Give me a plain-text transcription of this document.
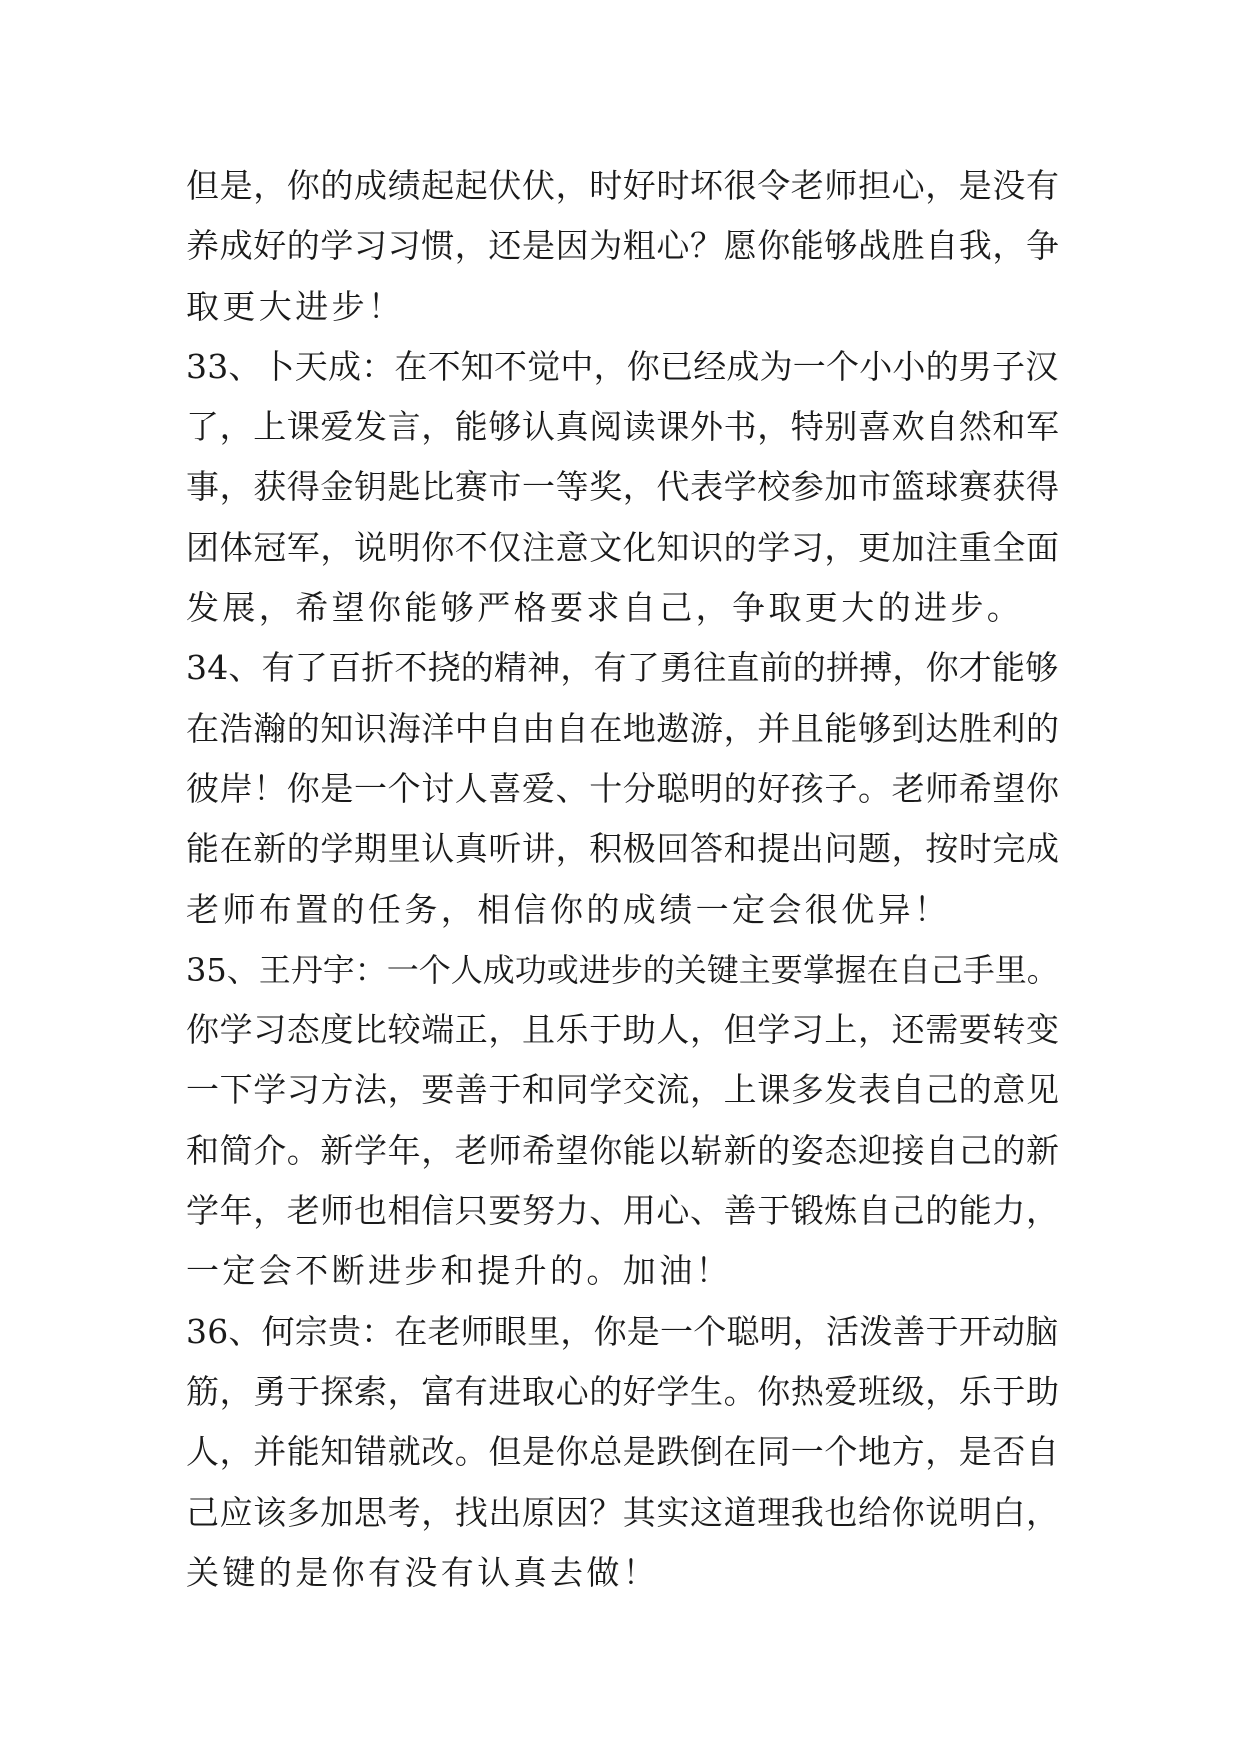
但是，你的成绩起起伏伏，时好时坏很令老师担心，是没有
养成好的学习习惯，还是因为粗心？愿你能够战胜自我，争
取更大进步！
33、卜天成：在不知不觉中，你已经成为一个小小的男子汉
了，上课爱发言，能够认真阅读课外书，特别喜欢自然和军
事，获得金钥匙比赛市一等奖，代表学校参加市篮球赛获得
团体冠军，说明你不仅注意文化知识的学习，更加注重全面
发展，希望你能够严格要求自己，争取更大的进步。
34、有了百折不挠的精神，有了勇往直前的拼搏，你才能够
在浩瀚的知识海洋中自由自在地遨游，并且能够到达胜利的
彼岸！你是一个讨人喜爱、十分聪明的好孩子。老师希望你
能在新的学期里认真听讲，积极回答和提出问题，按时完成
老师布置的任务，相信你的成绩一定会很优异！
35、王丹宇：一个人成功或进步的关键主要掌握在自己手里。
你学习态度比较端正，且乐于助人，但学习上，还需要转变
一下学习方法，要善于和同学交流，上课多发表自己的意见
和简介。新学年，老师希望你能以崭新的姿态迎接自己的新
学年，老师也相信只要努力、用心、善于锻炼自己的能力，
一定会不断进步和提升的。加油！
36、何宗贵：在老师眼里，你是一个聪明，活泼善于开动脑
筋，勇于探索，富有进取心的好学生。你热爱班级，乐于助
人，并能知错就改。但是你总是跌倒在同一个地方，是否自
己应该多加思考，找出原因？其实这道理我也给你说明白，
关键的是你有没有认真去做！
